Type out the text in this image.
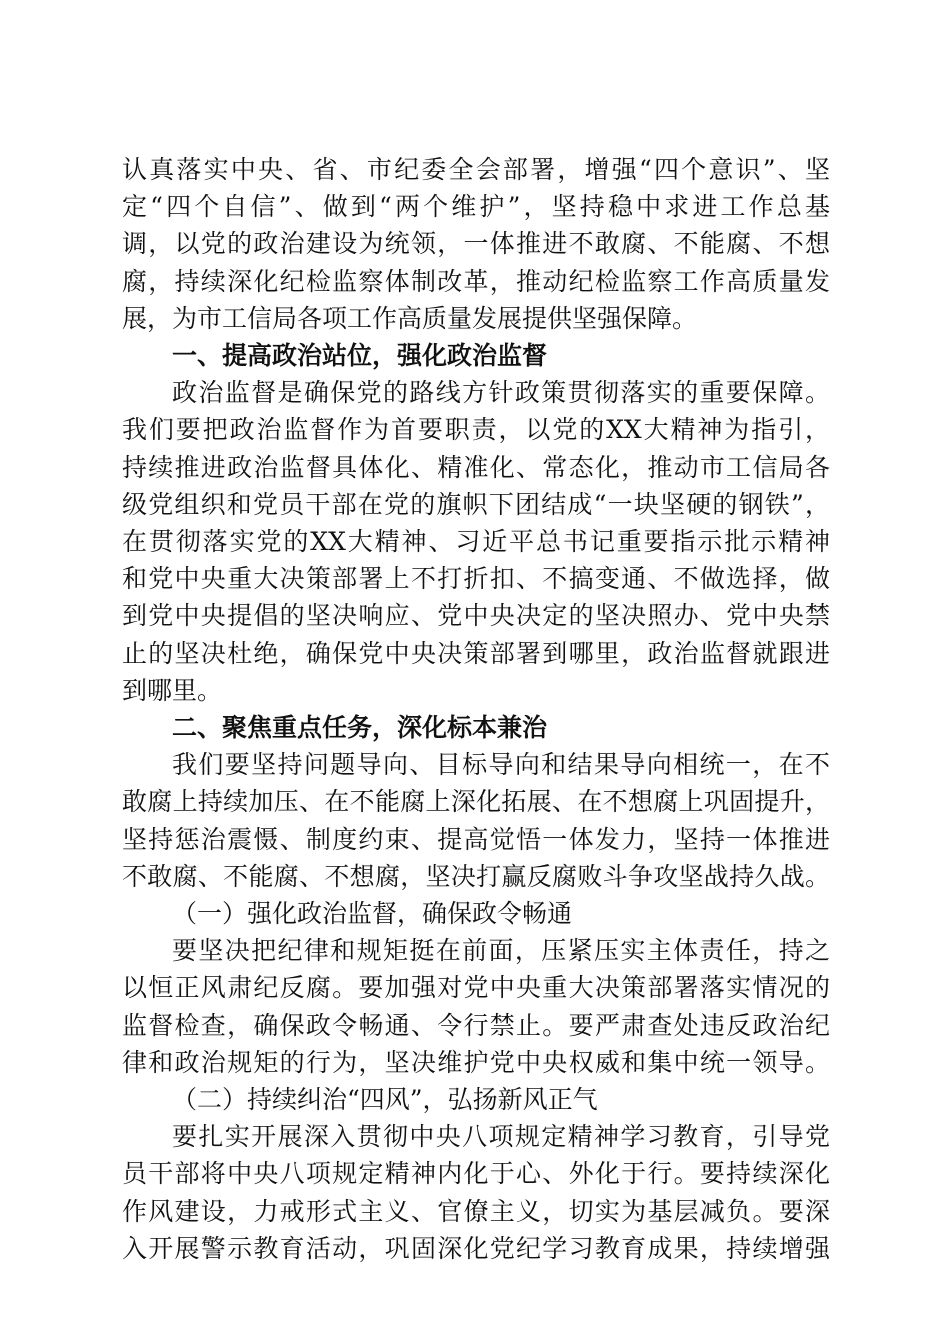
认真落实中央、省、市纪委全会部署，增强“四个意识”、坚
定“四个自信”、做到“两个维护”，坚持稳中求进工作总基
调，以党的政治建设为统领，一体推进不敢腐、不能腐、不想
腐，持续深化纪检监察体制改革，推动纪检监察工作高质量发
展，为市工信局各项工作高质量发展提供坚强保障。
一、提高政治站位，强化政治监督
政治监督是确保党的路线方针政策贯彻落实的重要保障。
我们要把政治监督作为首要职责，以党的XX大精神为指引，
持续推进政治监督具体化、精准化、常态化，推动市工信局各
级党组织和党员干部在党的旗帜下团结成“一块坚硬的钢铁”，
在贯彻落实党的XX大精神、习近平总书记重要指示批示精神
和党中央重大决策部署上不打折扣、不搞变通、不做选择，做
到党中央提倡的坚决响应、党中央决定的坚决照办、党中央禁
止的坚决杜绝，确保党中央决策部署到哪里，政治监督就跟进
到哪里。
二、聚焦重点任务，深化标本兼治
我们要坚持问题导向、目标导向和结果导向相统一，在不
敢腐上持续加压、在不能腐上深化拓展、在不想腐上巩固提升，
坚持惩治震慑、制度约束、提高觉悟一体发力，坚持一体推进
不敢腐、不能腐、不想腐，坚决打赢反腐败斗争攻坚战持久战。
（一）强化政治监督，确保政令畅通
要坚决把纪律和规矩挺在前面，压紧压实主体责任，持之
以恒正风肃纪反腐。要加强对党中央重大决策部署落实情况的
监督检查，确保政令畅通、令行禁止。要严肃查处违反政治纪
律和政治规矩的行为，坚决维护党中央权威和集中统一领导。
（二）持续纠治“四风”，弘扬新风正气
要扎实开展深入贯彻中央八项规定精神学习教育，引导党
员干部将中央八项规定精神内化于心、外化于行。要持续深化
作风建设，力戒形式主义、官僚主义，切实为基层减负。要深
入开展警示教育活动，巩固深化党纪学习教育成果，持续增强
